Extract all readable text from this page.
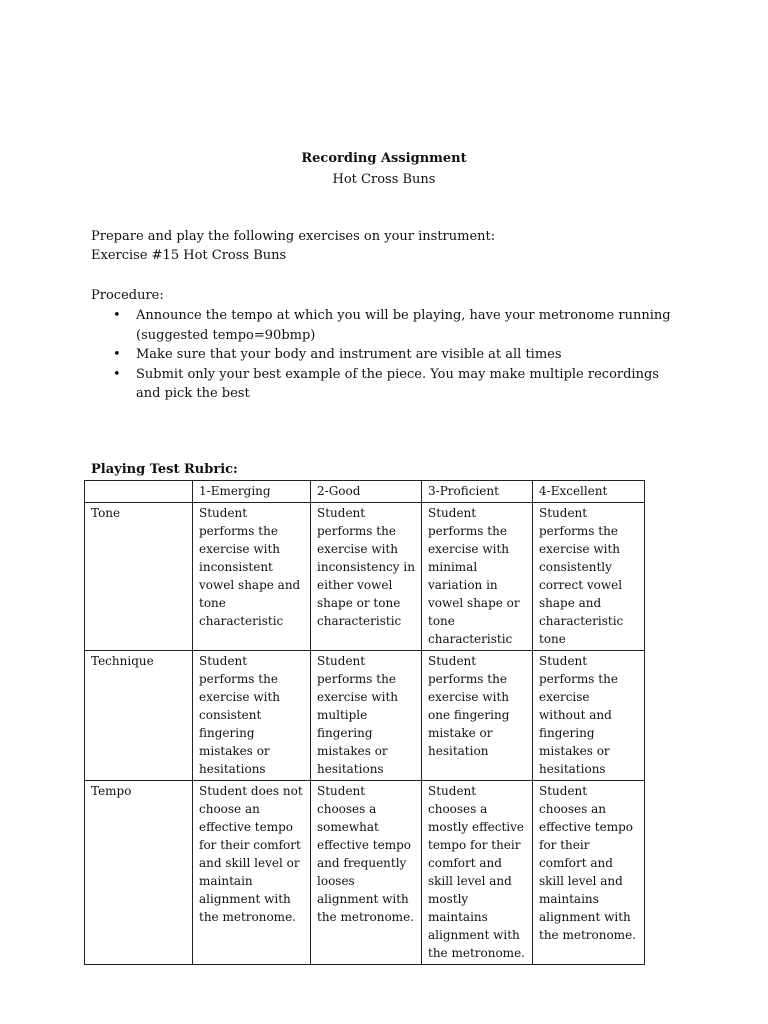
Recording Assignment
Hot Cross Buns
Prepare and play the following exercises on your instrument:
Exercise #15 Hot Cross Buns
Procedure:
• Announce the tempo at which you will be playing, have your metronome running (suggested tempo=90bmp)
• Make sure that your body and instrument are visible at all times
• Submit only your best example of the piece. You may make multiple recordings and pick the best
Playing Test Rubric:
	1-Emerging	2-Good	3-Proficient	4-Excellent
Tone	Student performs the exercise with inconsistent vowel shape and tone characteristic	Student performs the exercise with inconsistency in either vowel shape or tone characteristic	Student performs the exercise with minimal variation in vowel shape or tone characteristic	Student performs the exercise with consistently correct vowel shape and characteristic tone
Technique	Student performs the exercise with consistent fingering mistakes or hesitations	Student performs the exercise with multiple fingering mistakes or hesitations	Student performs the exercise with one fingering mistake or hesitation	Student performs the exercise without and fingering mistakes or hesitations
Tempo	Student does not choose an effective tempo for their comfort and skill level or maintain alignment with the metronome.	Student chooses a somewhat effective tempo and frequently looses alignment with the metronome.	Student chooses a mostly effective tempo for their comfort and skill level and mostly maintains alignment with the metronome.	Student chooses an effective tempo for their comfort and skill level and maintains alignment with the metronome.
